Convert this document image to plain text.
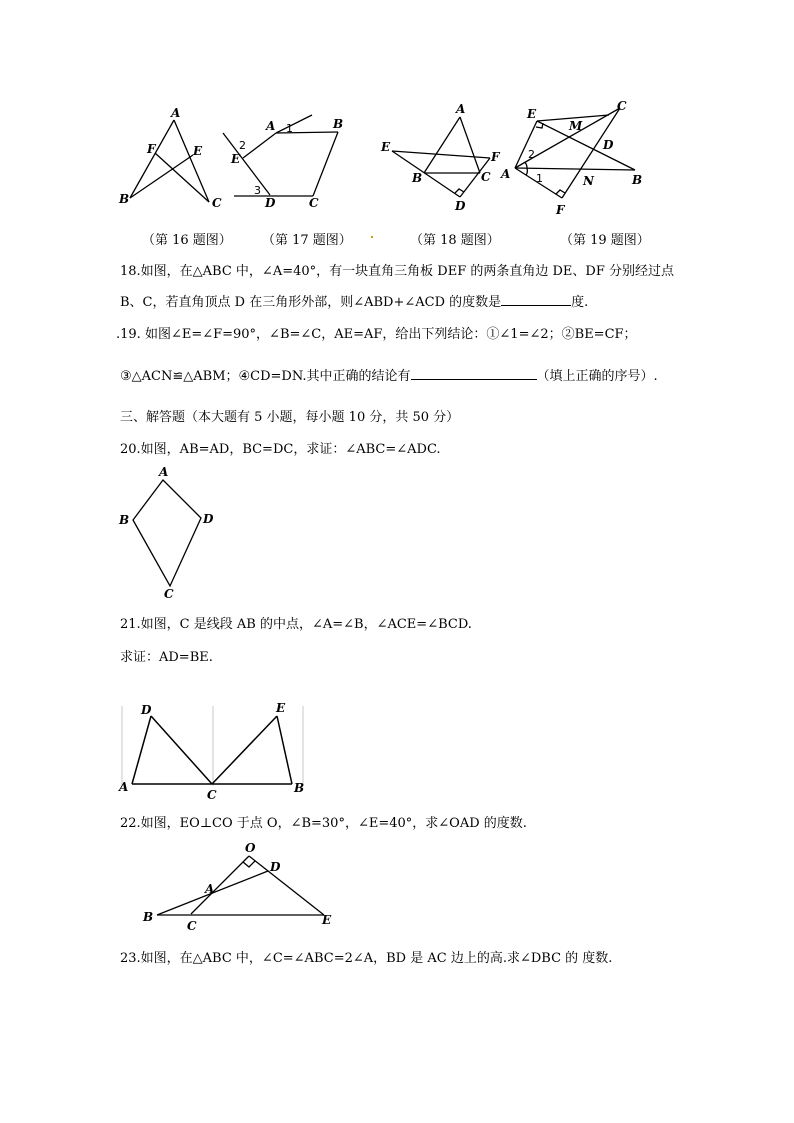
A
F	E
B	C
A 1	B
2
E
3
D	C
A
E
F
B	C
D
E
C
M
D
2
A 1	N	B
F
（第 16 题图） （第 17 题图）	（第 18 题图）	（第 19 题图）
18.如图，在△ABC 中，∠A=40°，有一块直角三角板 DEF 的两条直角边 DE、DF 分别经过点
B、C，若直角顶点 D 在三角形外部，则∠ABD+∠ACD 的度数是	度.
.19. 如图∠E=∠F=90°，∠B=∠C，AE=AF，给出下列结论：①∠1=∠2；②BE=CF；
③△ACN≌△ABM；④CD=DN.其中正确的结论有	（填上正确的序号）.
三、解答题（本大题有 5 小题，每小题 10 分，共 50 分）
20.如图，AB=AD，BC=DC，求证：∠ABC=∠ADC.
A
B	D
C
21.如图，C 是线段 AB 的中点，∠A=∠B，∠ACE=∠BCD.
求证：AD=BE.
D	E
A
C	B
22.如图，EO⊥CO 于点 O，∠B=30°，∠E=40°，求∠OAD 的度数.
O
D
A
B
C	E
23.如图，在△ABC 中，∠C=∠ABC=2∠A，BD 是 AC 边上的高.求∠DBC 的 度数.
